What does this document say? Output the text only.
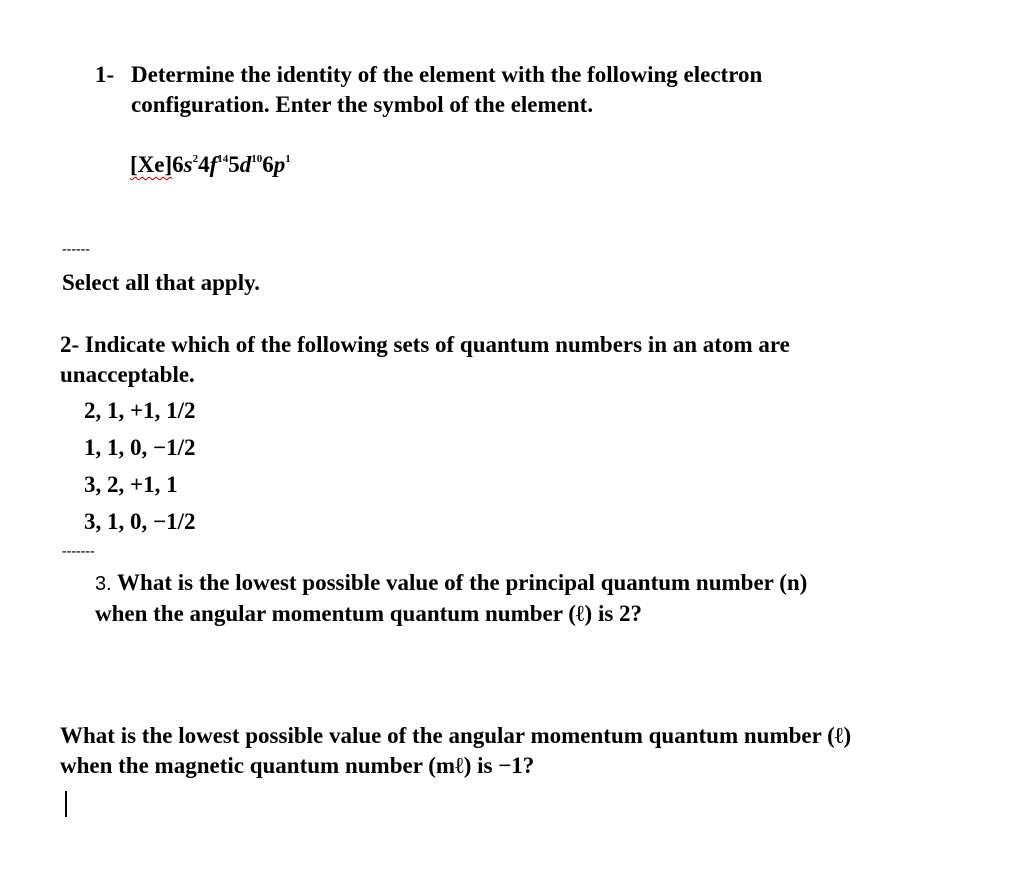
1- Determine the identity of the element with the following electron
configuration. Enter the symbol of the element.
$[Xe]6s^24f^{14}5d^{10}6p^1$
------
Select all that apply.
2- Indicate which of the following sets of quantum numbers in an atom are
unacceptable.
2, 1, +1, 1/2
1, 1, 0, −1/2
3, 2, +1, 1
3, 1, 0, −1/2
-------
3. What is the lowest possible value of the principal quantum number (n)
when the angular momentum quantum number (ℓ) is 2?
What is the lowest possible value of the angular momentum quantum number (ℓ)
when the magnetic quantum number (mℓ) is −1?
